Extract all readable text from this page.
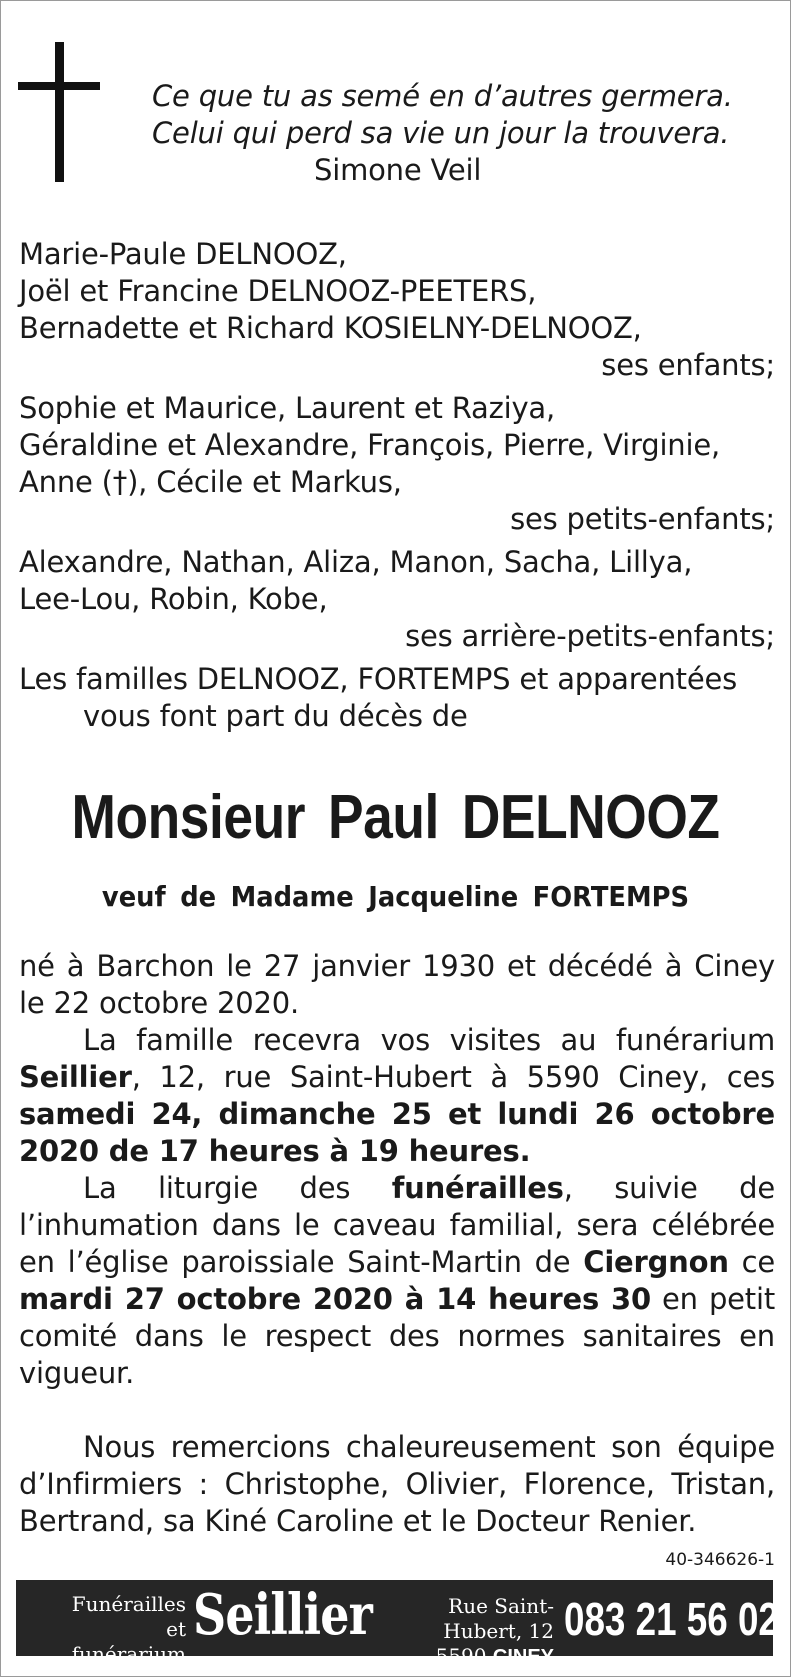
Ce que tu as semé en d’autres germera.
Celui qui perd sa vie un jour la trouvera.
Simone Veil
Marie-Paule DELNOOZ,
Joël et Francine DELNOOZ-PEETERS,
Bernadette et Richard KOSIELNY-DELNOOZ,
ses enfants;
Sophie et Maurice, Laurent et Raziya,
Géraldine et Alexandre, François, Pierre, Virginie,
Anne (†), Cécile et Markus,
ses petits-enfants;
Alexandre, Nathan, Aliza, Manon, Sacha, Lillya,
Lee-Lou, Robin, Kobe,
ses arrière-petits-enfants;
Les familles DELNOOZ, FORTEMPS et apparentées
vous font part du décès de
Monsieur Paul DELNOOZ
veuf de Madame Jacqueline FORTEMPS

né à Barchon le 27 janvier 1930 et décédé à Ciney le 22 octobre 2020.

La famille recevra vos visites au funérarium Seillier, 12, rue Saint-Hubert à 5590 Ciney, ces samedi 24, dimanche 25 et lundi 26 octobre 2020 de 17 heures à 19 heures.

La liturgie des funérailles, suivie de l’inhumation dans le caveau familial, sera célébrée en l’église paroissiale Saint-Martin de Ciergnon ce mardi 27 octobre 2020 à 14 heures 30 en petit comité dans le respect des normes sanitaires en vigueur.

Nous remercions chaleureusement son équipe d’Infirmiers : Christophe, Olivier, Florence, Tristan, Bertrand, sa Kiné Caroline et le Docteur Renier.

40-346626-1
Funérailles
et funérarium
Seillier	Rue Saint-Hubert, 12
5590 CINEY
083 21 56 02
